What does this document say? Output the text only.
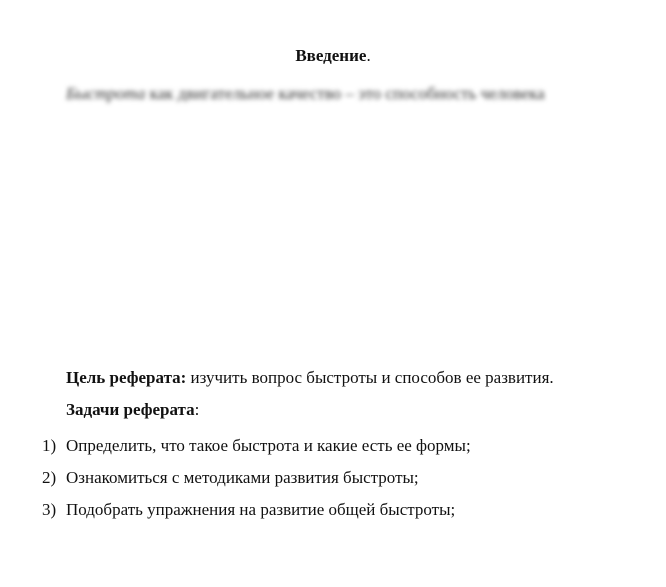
Введение.
Быстрота как двигательное качество – это способность человека
Цель реферата: изучить вопрос быстроты и способов ее развития.
Задачи реферата:
1) Определить, что такое быстрота и какие есть ее формы;
2) Ознакомиться с методиками развития быстроты;
3) Подобрать упражнения на развитие общей быстроты;
